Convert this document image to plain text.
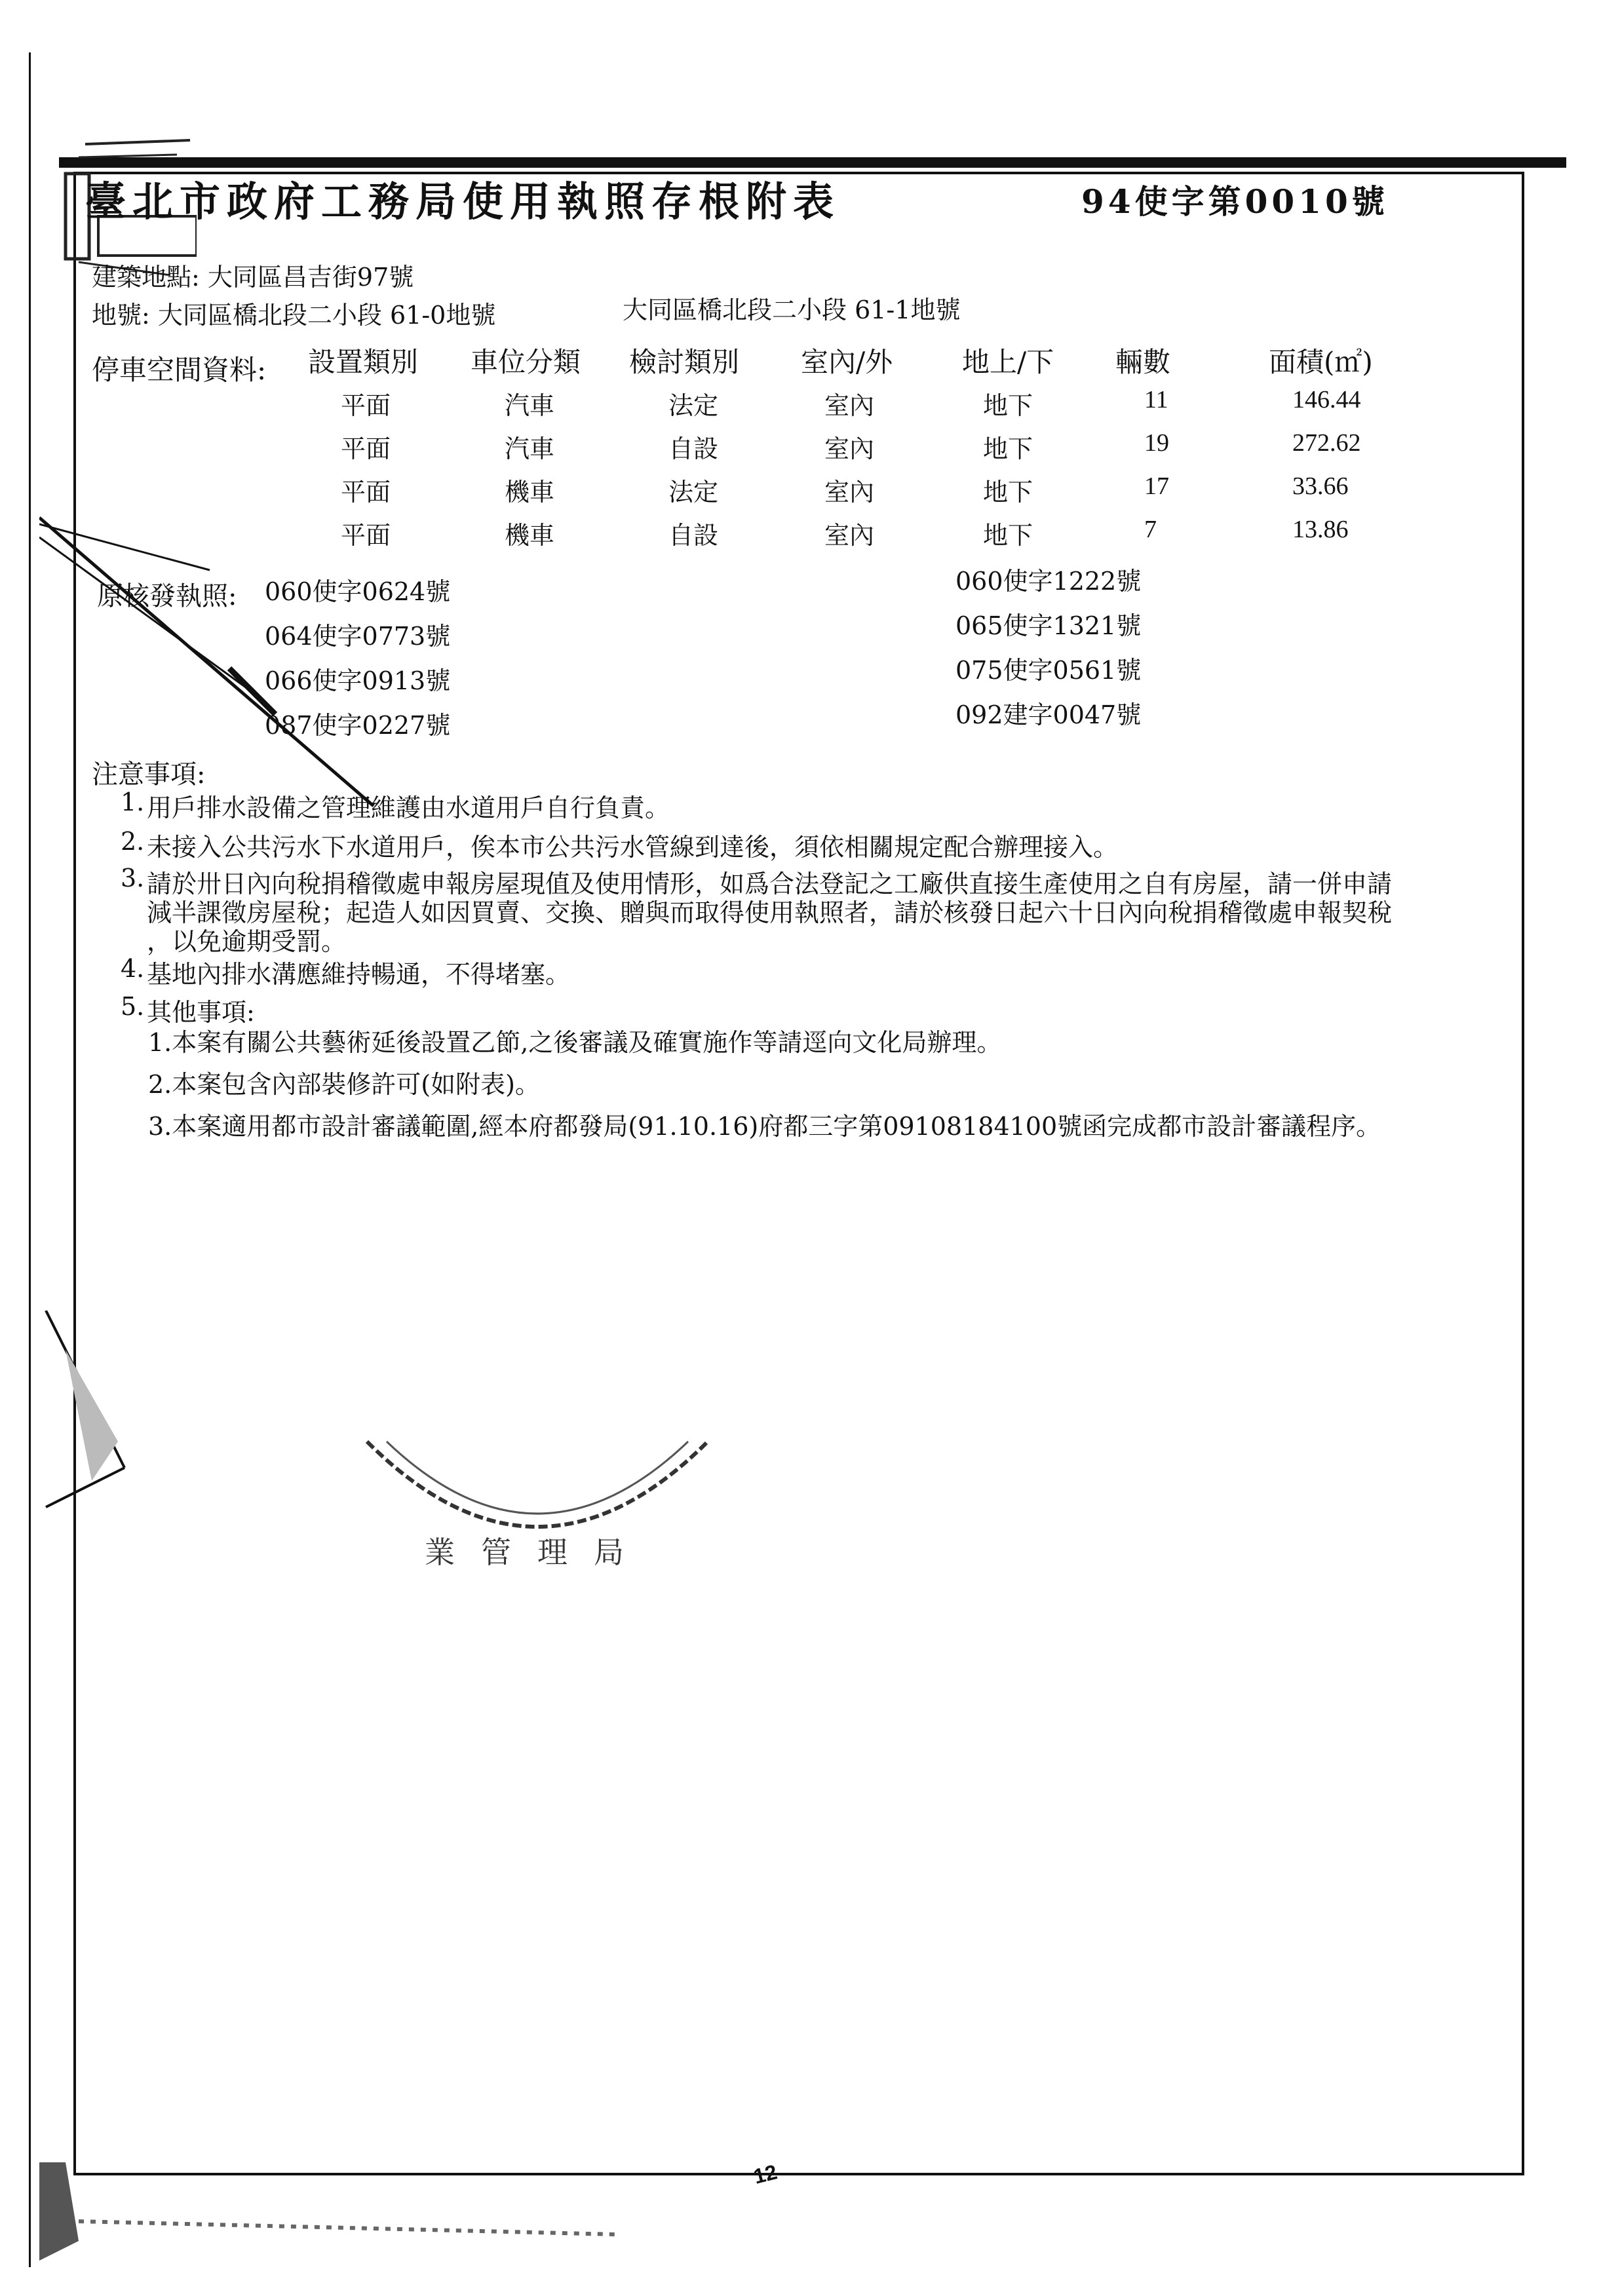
臺北市政府工務局使用執照存根附表	94使字第0010號
建築地點: 大同區昌吉街97號
地號: 大同區橋北段二小段 61-0地號	大同區橋北段二小段 61-1地號
停車空間資料: 設置類別 車位分類 檢討類別 室內/外	地上/下 輛數	面積(㎡)
平面	汽車	法定	室內	地下	11	146.44
平面	汽車	自設	室內	地下	19	272.62
平面	機車	法定	室內	地下	17	33.66
平面	機車	自設	室內	地下	7	13.86
原核發執照: 060使字0624號
064使字0773號
066使字0913號
087使字0227號
060使字1222號
065使字1321號
075使字0561號
092建字0047號
注意事項:
1. 用戶排水設備之管理維護由水道用戶自行負責。
2. 未接入公共污水下水道用戶，俟本市公共污水管線到達後，須依相關規定配合辦理接入。
3. 請於卅日內向稅捐稽徵處申報房屋現值及使用情形，如爲合法登記之工廠供直接生產使用之自有房屋，請一併申請
減半課徵房屋稅；起造人如因買賣、交換、贈與而取得使用執照者，請於核發日起六十日內向稅捐稽徵處申報契稅
，以免逾期受罰。
4. 基地內排水溝應維持暢通，不得堵塞。
5. 其他事項:
1.本案有關公共藝術延後設置乙節,之後審議及確實施作等請逕向文化局辦理。
2.本案包含內部裝修許可(如附表)。
3.本案適用都市設計審議範圍,經本府都發局(91.10.16)府都三字第09108184100號函完成都市設計審議程序。
業管理局
12
